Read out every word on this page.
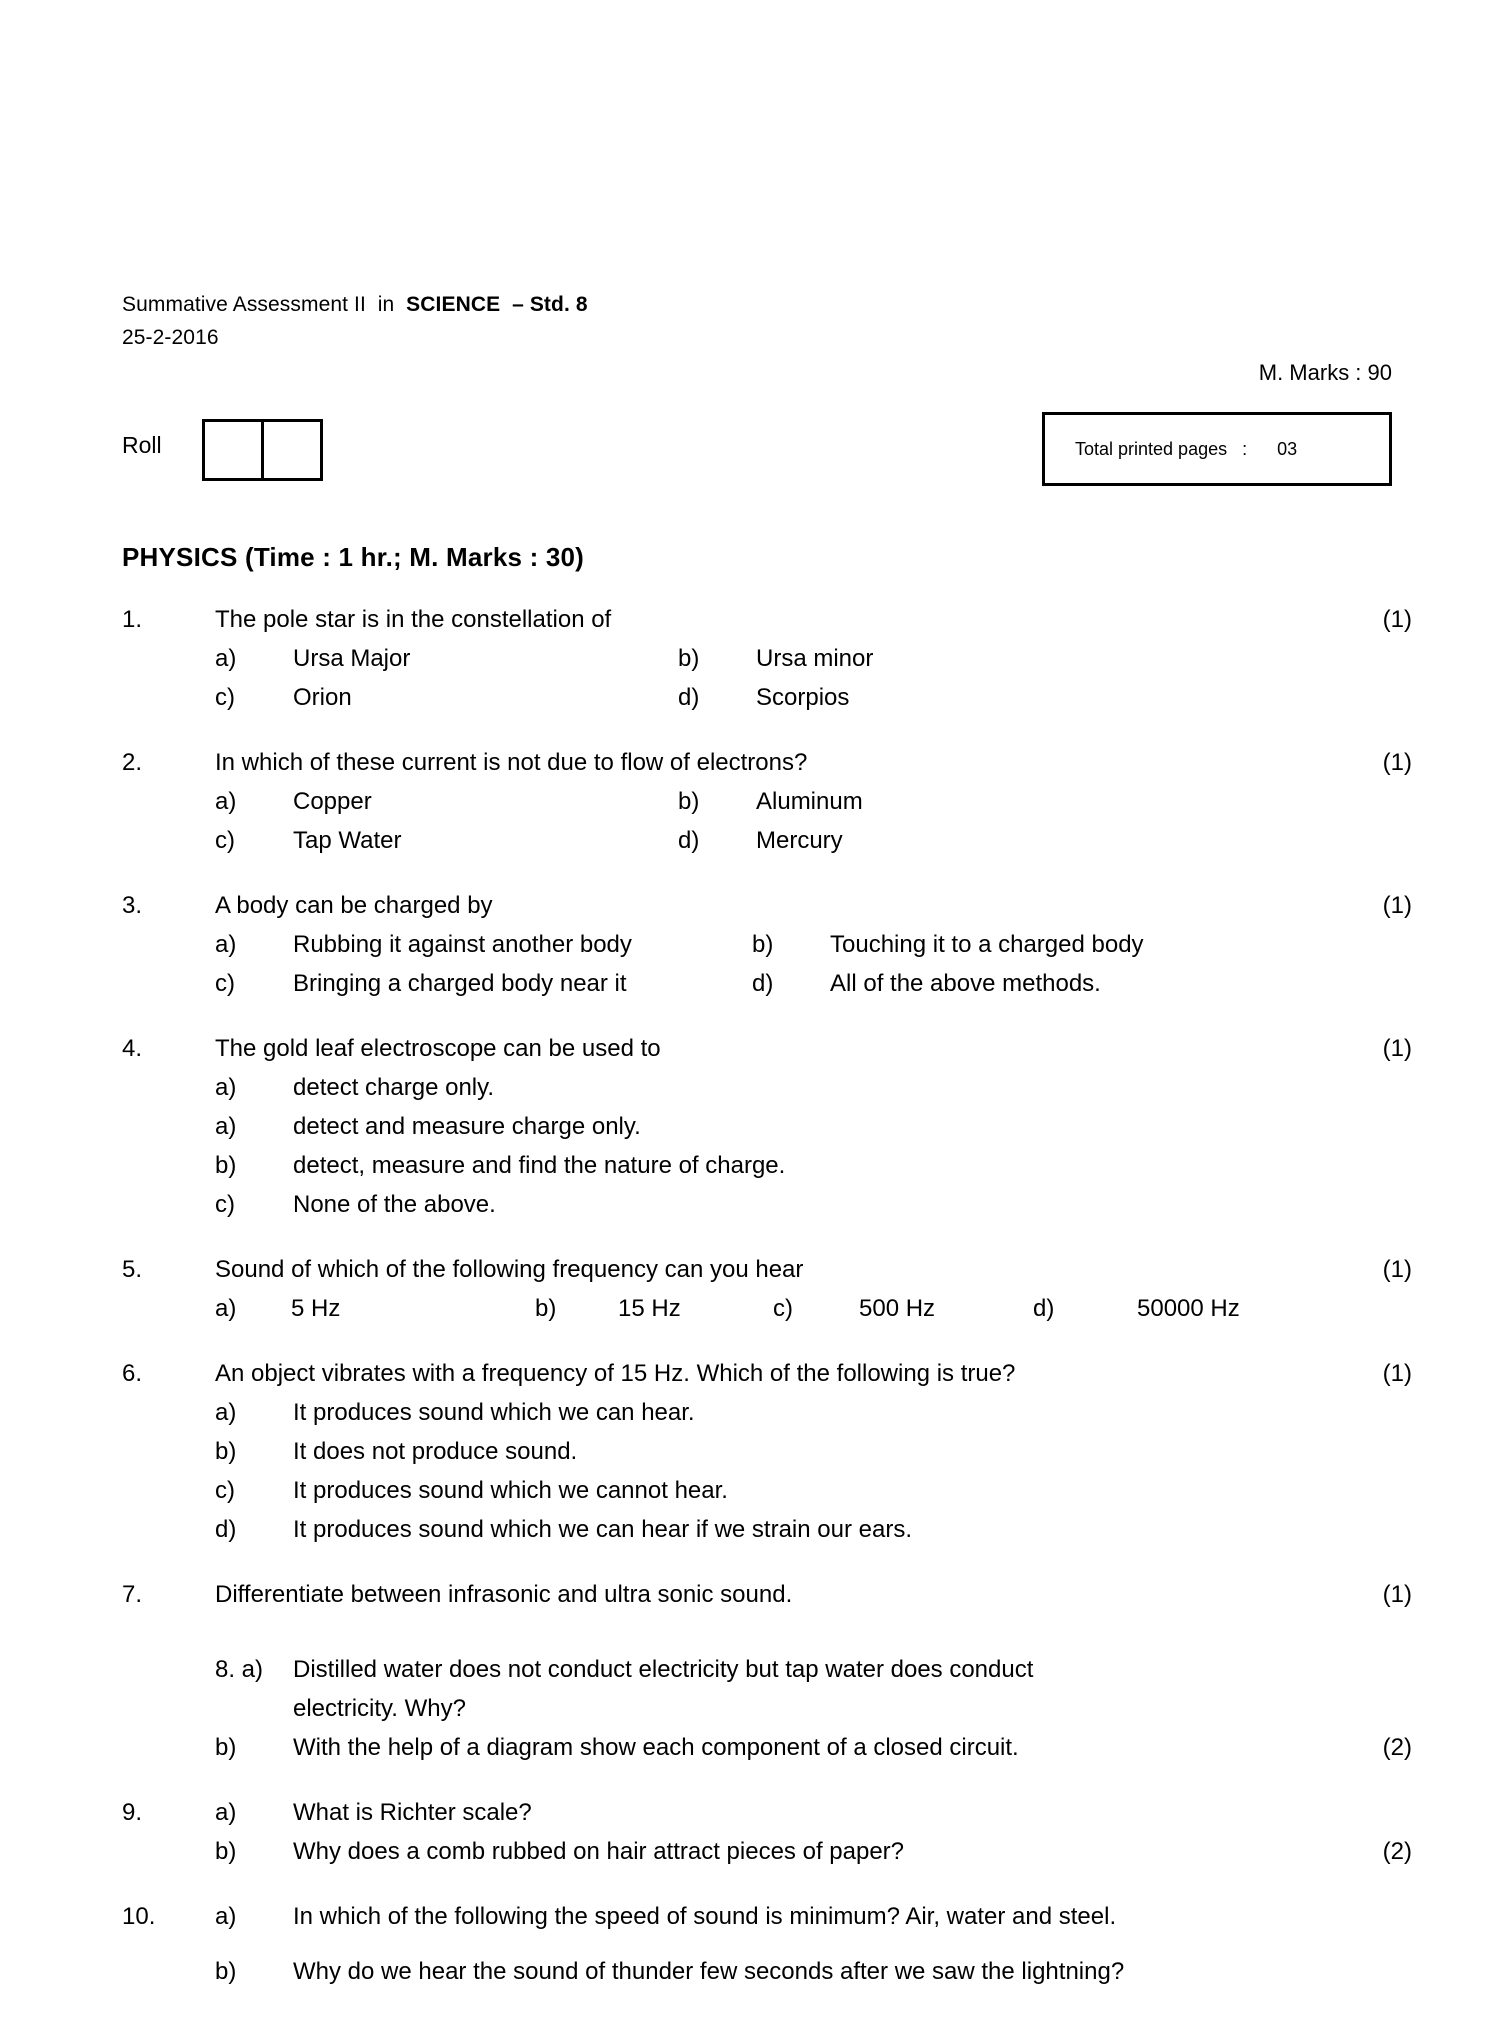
Summative Assessment II  in  SCIENCE  – Std. 8
25-2-2016

M. Marks : 90

Roll	Total printed pages   :      03
PHYSICS (Time : 1 hr.; M. Marks : 30)
1.	The pole star is in the constellation of	(1)
a)	Ursa Major	b)	Ursa minor
c)	Orion	d)	Scorpios
2.	In which of these current is not due to flow of electrons?	(1)
a)	Copper	b)	Aluminum
c)	Tap Water	d)	Mercury
3.	A body can be charged by	(1)
a)	Rubbing it against another body	b)	Touching it to a charged body
c)	Bringing a charged body near it	d)	All of the above methods.
4.	The gold leaf electroscope can be used to	(1)
a)	detect charge only.
a)	detect and measure charge only.
b)	detect, measure and find the nature of charge.
c)	None of the above.
5.	Sound of which of the following frequency can you hear	(1)
a)	5 Hz	b)	15 Hz	c)	500 Hz	d)	50000 Hz
6.	An object vibrates with a frequency of 15 Hz. Which of the following is true?	(1)
a)	It produces sound which we can hear.
b)	It does not produce sound.
c)	It produces sound which we cannot hear.
d)	It produces sound which we can hear if we strain our ears.
7.	Differentiate between infrasonic and ultra sonic sound.	(1)
8. a)	Distilled water does not conduct electricity but tap water does conduct
electricity. Why?
b)	With the help of a diagram show each component of a closed circuit.	(2)
9.	a)	What is Richter scale?
b)	Why does a comb rubbed on hair attract pieces of paper?	(2)
10.	a)	In which of the following the speed of sound is minimum? Air, water and steel.
b)	Why do we hear the sound of thunder few seconds after we saw the lightning?
